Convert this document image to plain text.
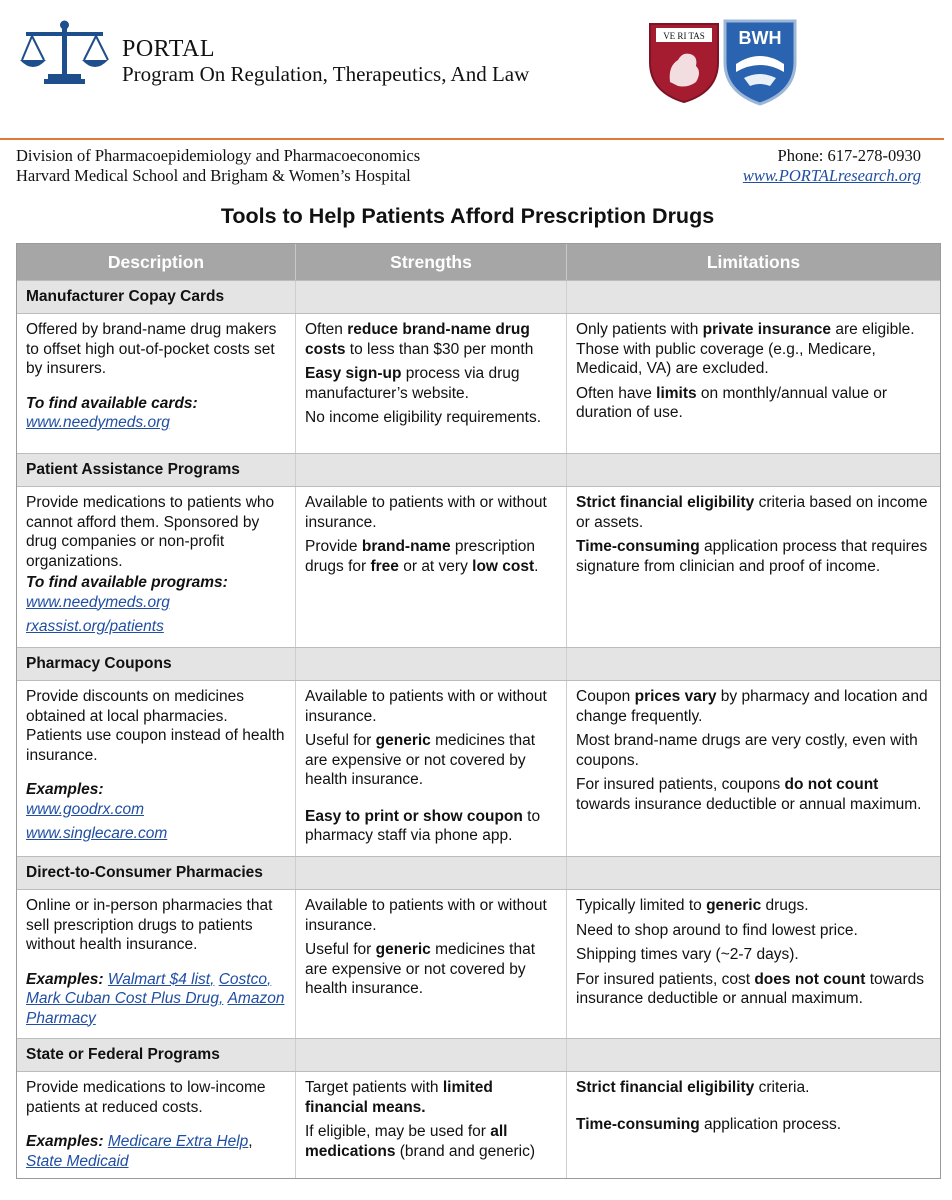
PORTAL
Program On Regulation, Therapeutics, And Law
VE RI TAS BWH
Division of Pharmacoepidemiology and Pharmacoeconomics
Harvard Medical School and Brigham & Women’s Hospital
Phone: 617-278-0930
www.PORTALresearch.org
Tools to Help Patients Afford Prescription Drugs
Description	Strengths	Limitations
Manufacturer Copay Cards

Offered by brand-name drug makers to offset high out-of-pocket costs set by insurers.

To find available cards:
www.needymeds.org

Often reduce brand-name drug costs to less than $30 per month

Easy sign-up process via drug manufacturer’s website.

No income eligibility requirements.

Only patients with private insurance are eligible. Those with public coverage (e.g., Medicare, Medicaid, VA) are excluded.

Often have limits on monthly/annual value or duration of use.

Patient Assistance Programs

Provide medications to patients who cannot afford them. Sponsored by drug companies or non-profit organizations.

To find available programs:
www.needymeds.org
rxassist.org/patients

Available to patients with or without insurance.

Provide brand-name prescription drugs for free or at very low cost.

Strict financial eligibility criteria based on income or assets.

Time-consuming application process that requires signature from clinician and proof of income.

Pharmacy Coupons

Provide discounts on medicines obtained at local pharmacies. Patients use coupon instead of health insurance.

Examples:
www.goodrx.com
www.singlecare.com

Available to patients with or without insurance.

Useful for generic medicines that are expensive or not covered by health insurance.

Easy to print or show coupon to pharmacy staff via phone app.

Coupon prices vary by pharmacy and location and change frequently.

Most brand-name drugs are very costly, even with coupons.

For insured patients, coupons do not count towards insurance deductible or annual maximum.

Direct-to-Consumer Pharmacies

Online or in-person pharmacies that sell prescription drugs to patients without health insurance.

Examples: Walmart $4 list, Costco, Mark Cuban Cost Plus Drug, Amazon Pharmacy

Available to patients with or without insurance.

Useful for generic medicines that are expensive or not covered by health insurance.

Typically limited to generic drugs.

Need to shop around to find lowest price.

Shipping times vary (~2-7 days).

For insured patients, cost does not count towards insurance deductible or annual maximum.

State or Federal Programs

Provide medications to low-income patients at reduced costs.

Examples: Medicare Extra Help, State Medicaid

Target patients with limited financial means.

If eligible, may be used for all medications (brand and generic)

Strict financial eligibility criteria.

Time-consuming application process.
